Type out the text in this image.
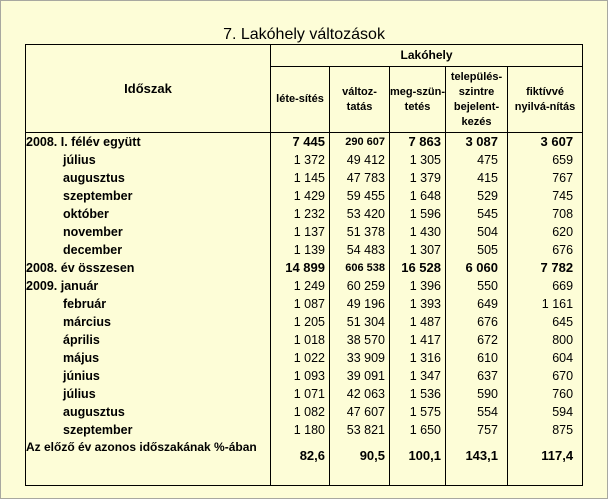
7. Lakóhely változások
Időszak	Lakóhely				
	léte-sítés	változ-tatás	meg-szün-tetés	település-szintre bejelent-kezés	fiktívvé nyilvá-nítás
2008. I. félév együtt	7 445	290 607	7 863	3 087	3 607
július	1 372	49 412	1 305	475	659
augusztus	1 145	47 783	1 379	415	767
szeptember	1 429	59 455	1 648	529	745
október	1 232	53 420	1 596	545	708
november	1 137	51 378	1 430	504	620
december	1 139	54 483	1 307	505	676
2008. év összesen	14 899	606 538	16 528	6 060	7 782
2009. január	1 249	60 259	1 396	550	669
február	1 087	49 196	1 393	649	1 161
március	1 205	51 304	1 487	676	645
április	1 018	38 570	1 417	672	800
május	1 022	33 909	1 316	610	604
június	1 093	39 091	1 347	637	670
július	1 071	42 063	1 536	590	760
augusztus	1 082	47 607	1 575	554	594
szeptember	1 180	53 821	1 650	757	875
Az előző év azonos időszakának %-ában	82,6	90,5	100,1	143,1	117,4
